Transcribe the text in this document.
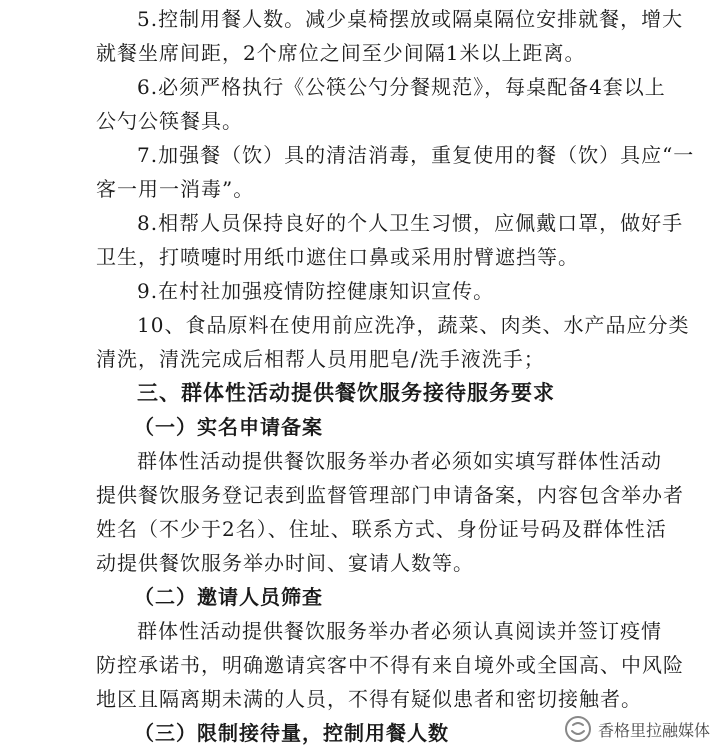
5.控制用餐人数。减少桌椅摆放或隔桌隔位安排就餐，增大
就餐坐席间距，2个席位之间至少间隔1米以上距离。
6.必须严格执行《公筷公勺分餐规范》，每桌配备4套以上
公勺公筷餐具。
7.加强餐（饮）具的清洁消毒，重复使用的餐（饮）具应“一
客一用一消毒”。
8.相帮人员保持良好的个人卫生习惯，应佩戴口罩，做好手
卫生，打喷嚏时用纸巾遮住口鼻或采用肘臂遮挡等。
9.在村社加强疫情防控健康知识宣传。
10、食品原料在使用前应洗净，蔬菜、肉类、水产品应分类
清洗，清洗完成后相帮人员用肥皂/洗手液洗手；
三、群体性活动提供餐饮服务接待服务要求
（一）实名申请备案
群体性活动提供餐饮服务举办者必须如实填写群体性活动
提供餐饮服务登记表到监督管理部门申请备案，内容包含举办者
姓名（不少于2名）、住址、联系方式、身份证号码及群体性活
动提供餐饮服务举办时间、宴请人数等。
（二）邀请人员筛查
群体性活动提供餐饮服务举办者必须认真阅读并签订疫情
防控承诺书，明确邀请宾客中不得有来自境外或全国高、中风险
地区且隔离期未满的人员，不得有疑似患者和密切接触者。
（三）限制接待量，控制用餐人数	香格里拉融媒体
